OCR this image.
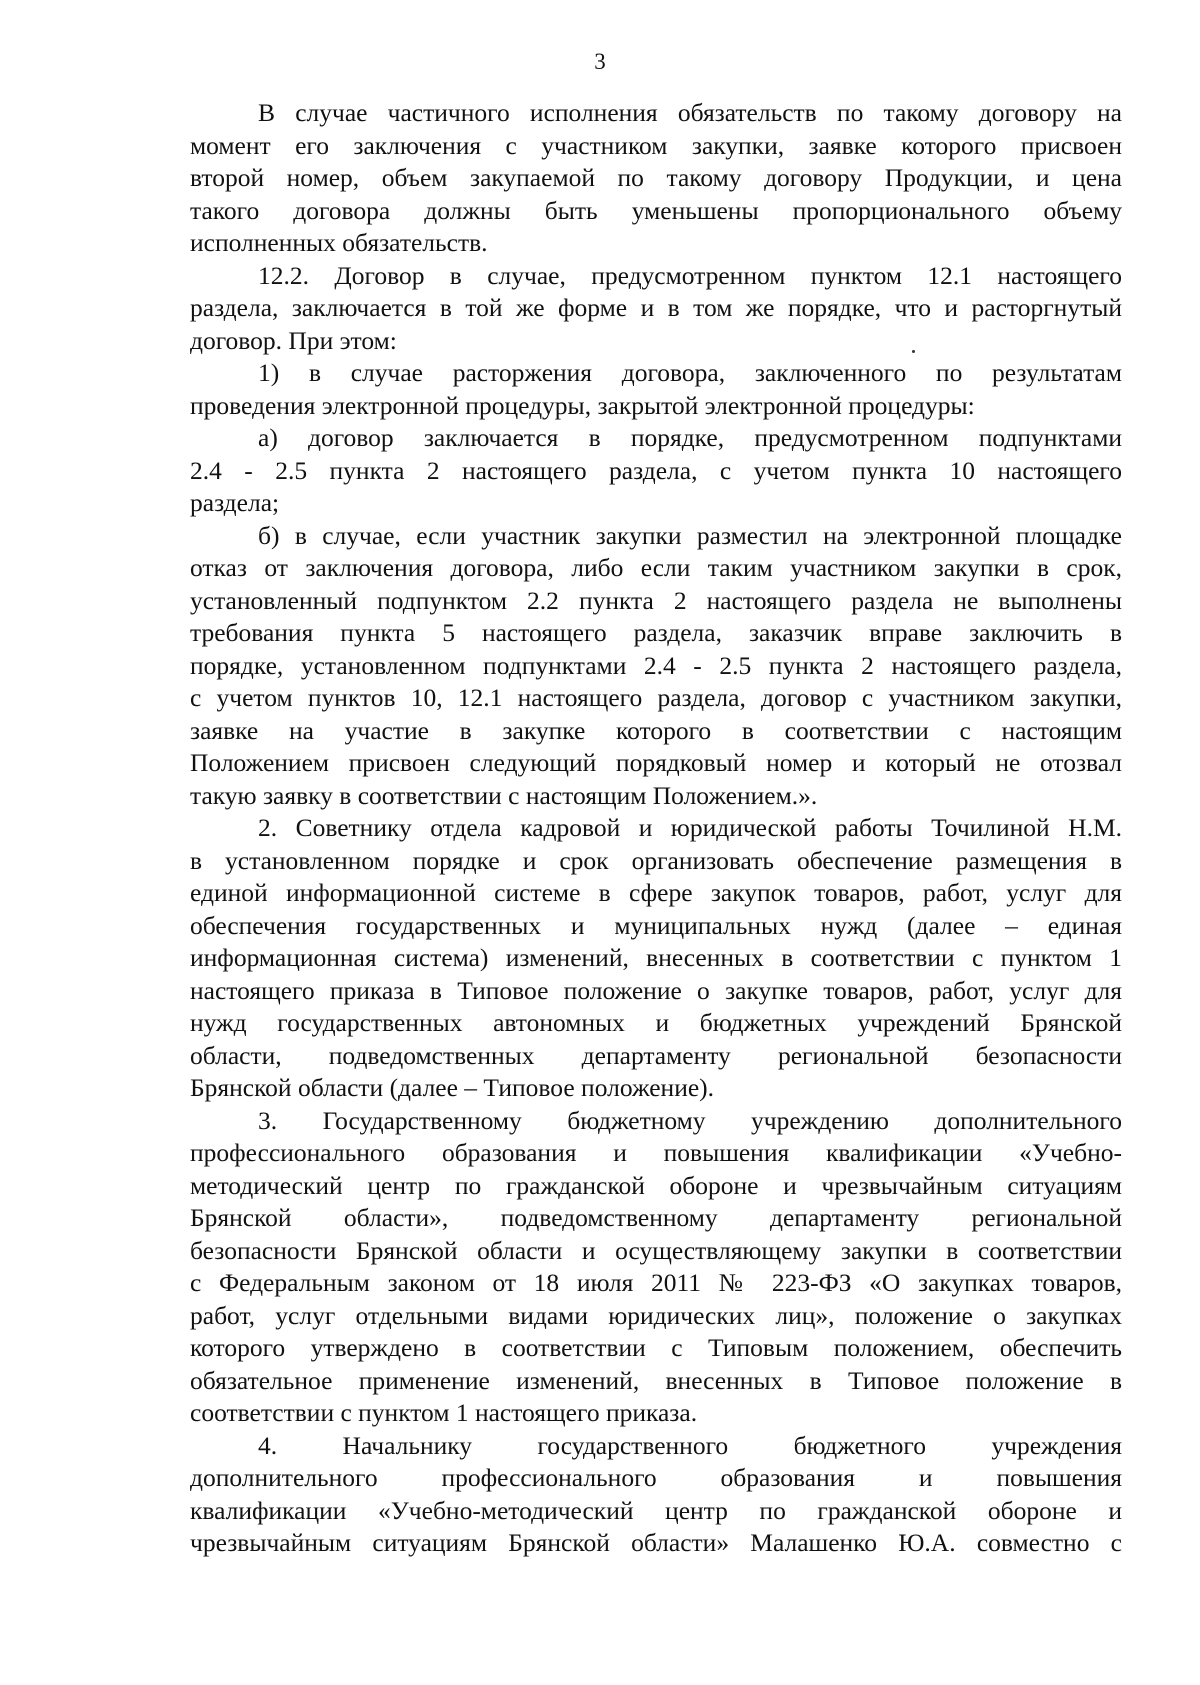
3
В случае частичного исполнения обязательств по такому договору на
момент его заключения с участником закупки, заявке которого присвоен
второй номер, объем закупаемой по такому договору Продукции, и цена
такого договора должны быть уменьшены пропорционального объему
исполненных обязательств.
12.2. Договор в случае, предусмотренном пунктом 12.1 настоящего
раздела, заключается в той же форме и в том же порядке, что и расторгнутый
договор. При этом:
1) в случае расторжения договора, заключенного по результатам
проведения электронной процедуры, закрытой электронной процедуры:
а) договор заключается в порядке, предусмотренном подпунктами
2.4 - 2.5 пункта 2 настоящего раздела, с учетом пункта 10 настоящего
раздела;
б) в случае, если участник закупки разместил на электронной площадке
отказ от заключения договора, либо если таким участником закупки в срок,
установленный подпунктом 2.2 пункта 2 настоящего раздела не выполнены
требования пункта 5 настоящего раздела, заказчик вправе заключить в
порядке, установленном подпунктами 2.4 - 2.5 пункта 2 настоящего раздела,
с учетом пунктов 10, 12.1 настоящего раздела, договор с участником закупки,
заявке на участие в закупке которого в соответствии с настоящим
Положением присвоен следующий порядковый номер и который не отозвал
такую заявку в соответствии с настоящим Положением.».
2. Советнику отдела кадровой и юридической работы Точилиной Н.М.
в установленном порядке и срок организовать обеспечение размещения в
единой информационной системе в сфере закупок товаров, работ, услуг для
обеспечения государственных и муниципальных нужд (далее – единая
информационная система) изменений, внесенных в соответствии с пунктом 1
настоящего приказа в Типовое положение о закупке товаров, работ, услуг для
нужд государственных автономных и бюджетных учреждений Брянской
области, подведомственных департаменту региональной безопасности
Брянской области (далее – Типовое положение).
3. Государственному бюджетному учреждению дополнительного
профессионального образования и повышения квалификации «Учебно-
методический центр по гражданской обороне и чрезвычайным ситуациям
Брянской области», подведомственному департаменту региональной
безопасности Брянской области и осуществляющему закупки в соответствии
с Федеральным законом от 18 июля 2011 № 223-ФЗ «О закупках товаров,
работ, услуг отдельными видами юридических лиц», положение о закупках
которого утверждено в соответствии с Типовым положением, обеспечить
обязательное применение изменений, внесенных в Типовое положение в
соответствии с пунктом 1 настоящего приказа.
4. Начальнику государственного бюджетного учреждения
дополнительного профессионального образования и повышения
квалификации «Учебно-методический центр по гражданской обороне и
чрезвычайным ситуациям Брянской области» Малашенко Ю.А. совместно с
